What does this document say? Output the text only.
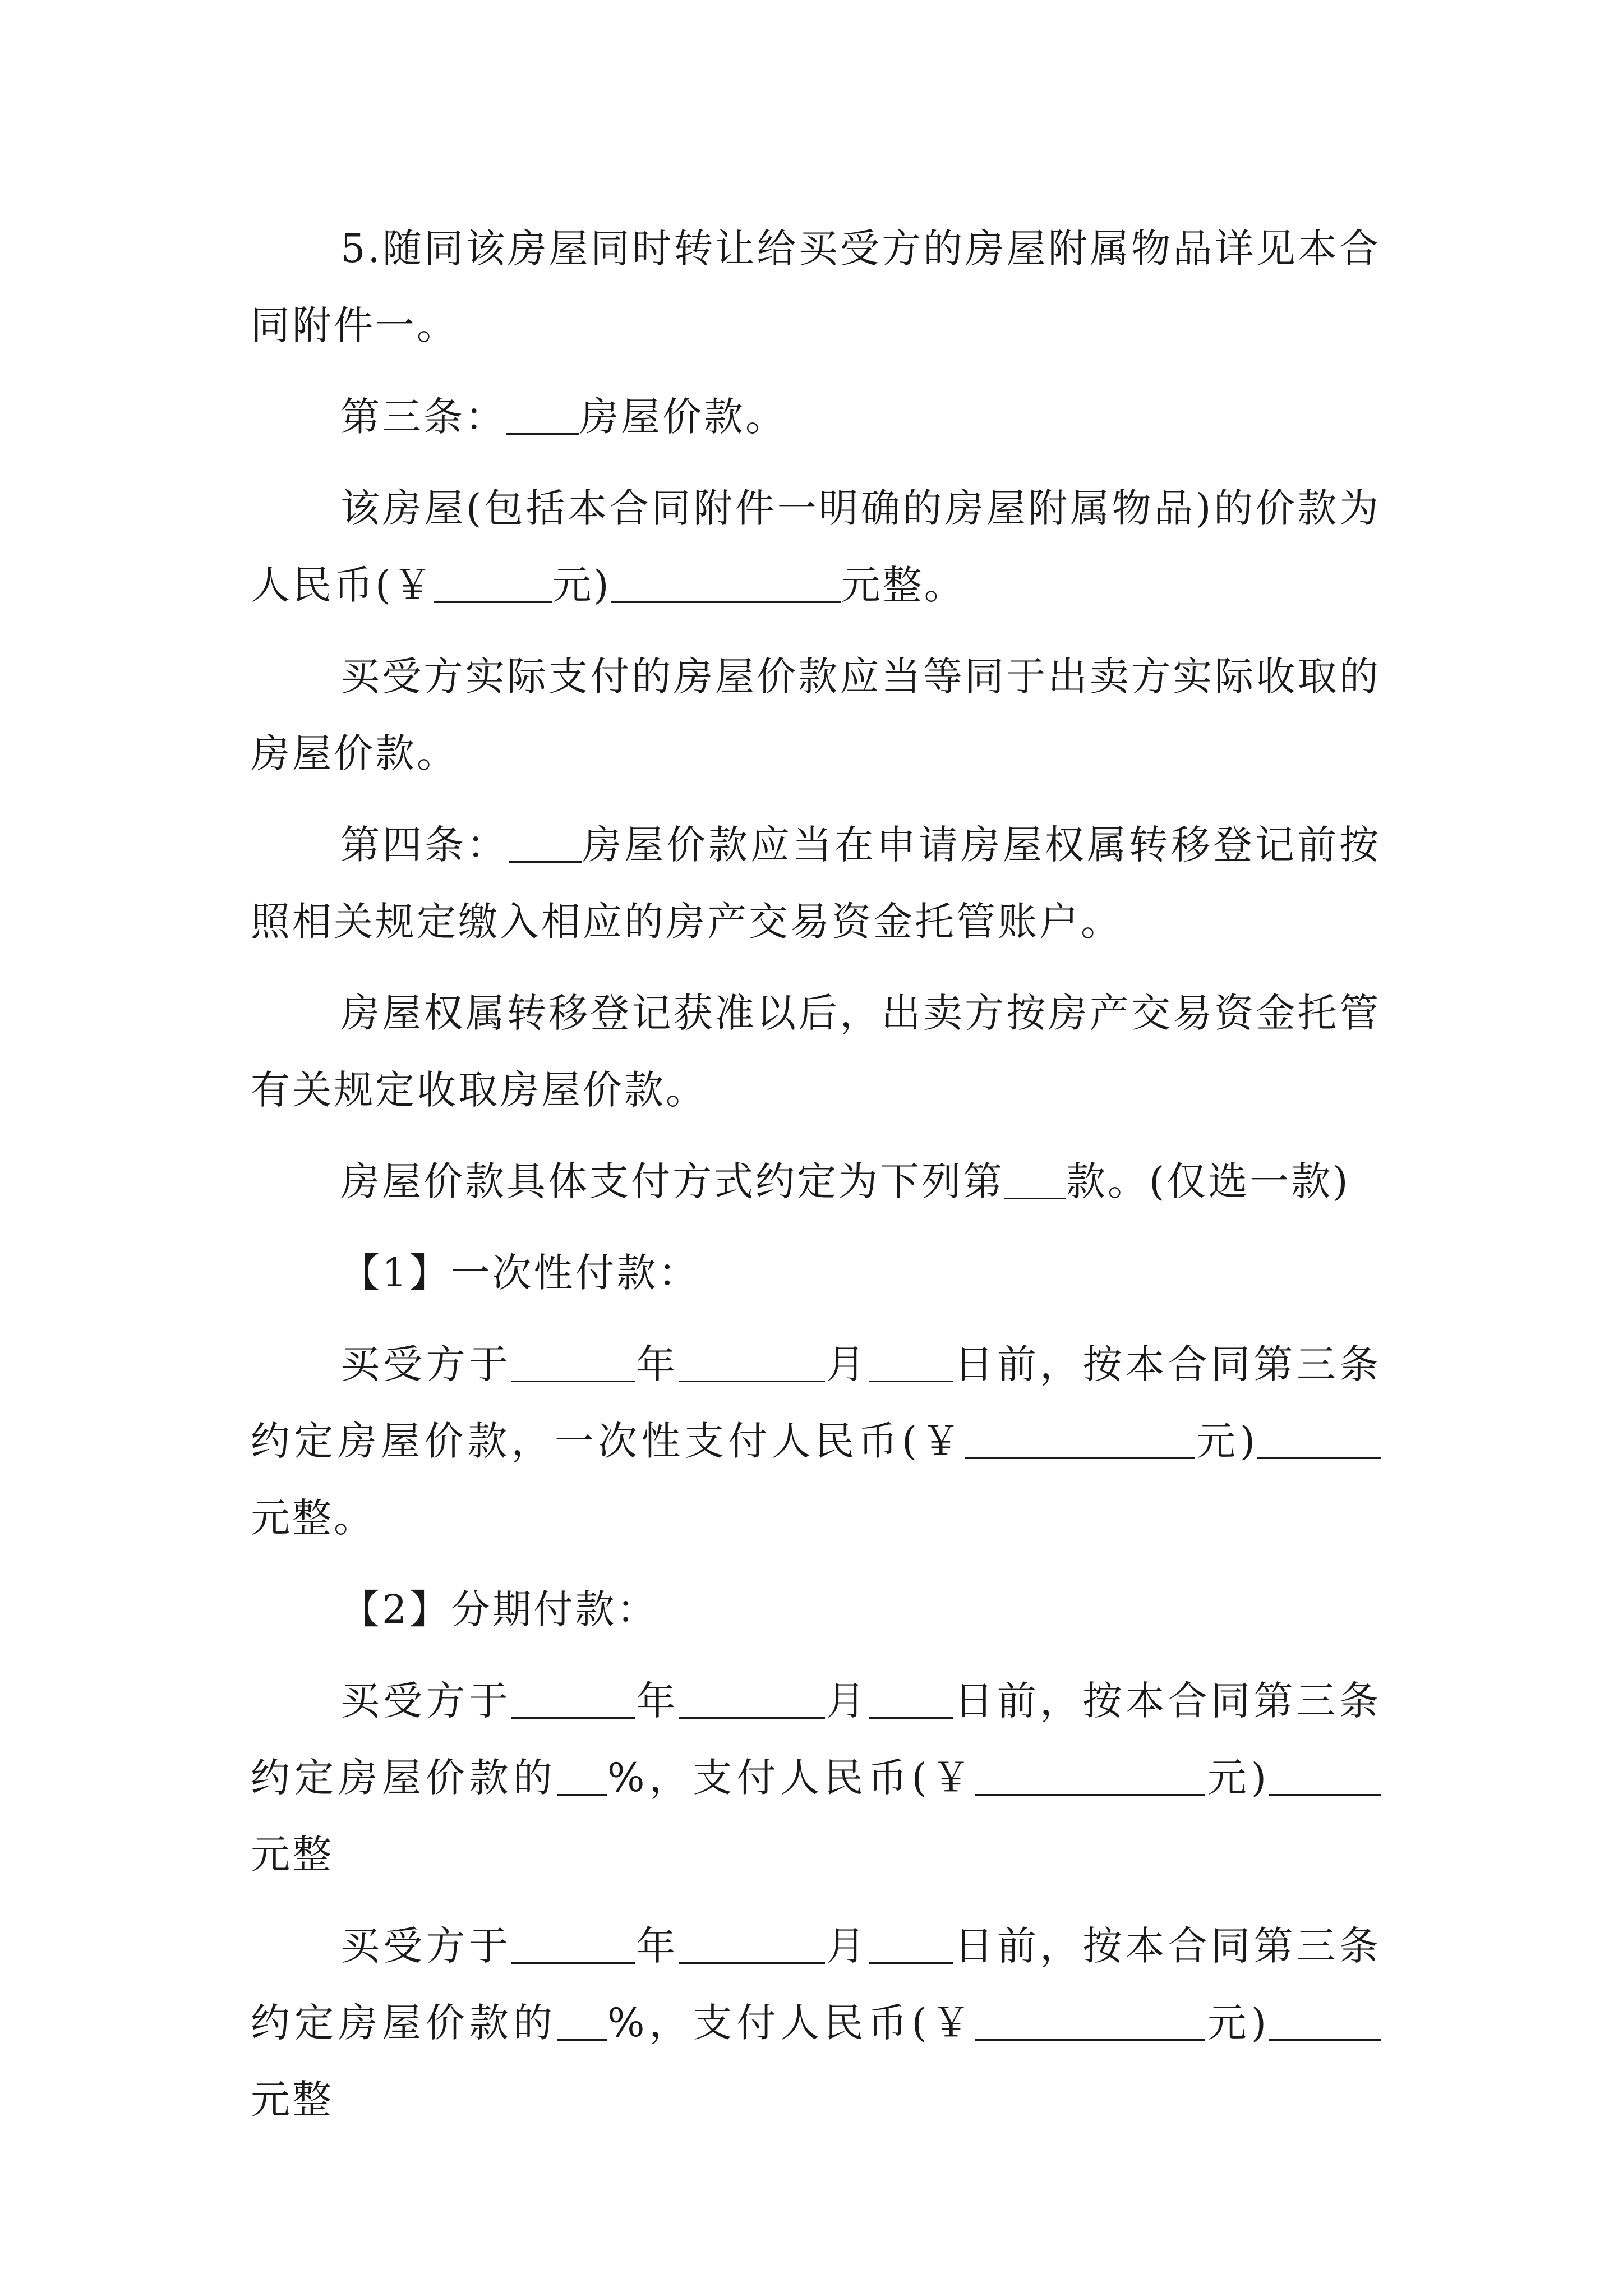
5.随同该房屋同时转让给买受方的房屋附属物品详见本合同附件一。

第三条： 房屋价款。

该房屋(包括本合同附件一明确的房屋附属物品)的价款为人民币(￥	元)	元整。

买受方实际支付的房屋价款应当等同于出卖方实际收取的房屋价款。

第四条： 房屋价款应当在申请房屋权属转移登记前按照相关规定缴入相应的房产交易资金托管账户。

房屋权属转移登记获准以后，出卖方按房产交易资金托管有关规定收取房屋价款。

房屋价款具体支付方式约定为下列第 款。(仅选一款)

【1】一次性付款：

买受方于	年	月 日前，按本合同第三条约定房屋价款，一次性支付人民币(￥	元)元整。

【2】分期付款：

买受方于	年	月 日前，按本合同第三条约定房屋价款的 %，支付人民币(￥	元)元整

买受方于	年	月 日前，按本合同第三条约定房屋价款的 %，支付人民币(￥	元)元整
